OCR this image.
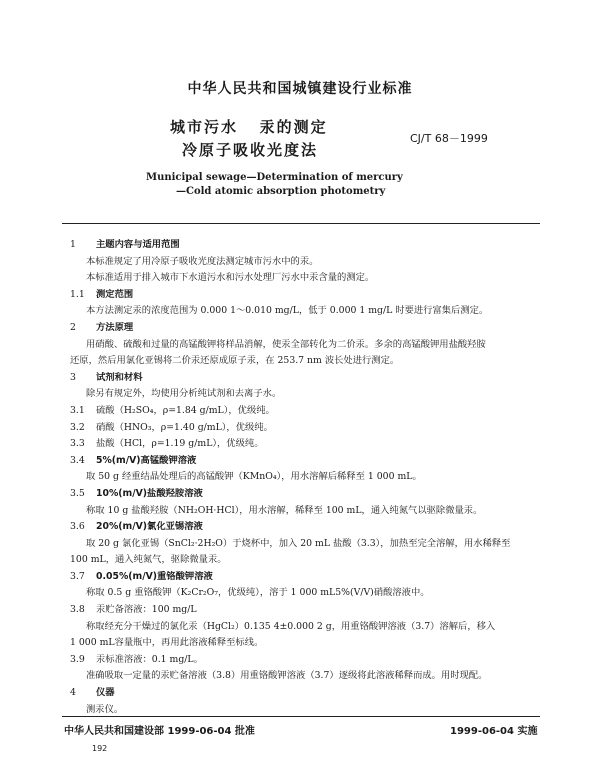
中华人民共和国城镇建设行业标准
城市污水   汞的测定
冷原子吸收光度法
CJ/T 68－1999
Municipal sewage—Determination of mercury
—Cold atomic absorption photometry
1 主题内容与适用范围
本标准规定了用冷原子吸收光度法测定城市污水中的汞。
本标准适用于排入城市下水道污水和污水处理厂污水中汞含量的测定。
1.1 测定范围
本方法测定汞的浓度范围为 0.000 1～0.010 mg/L，低于 0.000 1 mg/L 时要进行富集后测定。
2 方法原理
用硝酸、硫酸和过量的高锰酸钾将样品消解，使汞全部转化为二价汞。多余的高锰酸钾用盐酸羟胺
还原，然后用氯化亚锡将二价汞还原成原子汞，在 253.7 nm 波长处进行测定。
3 试剂和材料
除另有规定外，均使用分析纯试剂和去离子水。
3.1 硫酸（H₂SO₄，ρ=1.84 g/mL），优级纯。
3.2 硝酸（HNO₃，ρ=1.40 g/mL），优级纯。
3.3 盐酸（HCl，ρ=1.19 g/mL），优级纯。
3.4 5%(m/V)高锰酸钾溶液
取 50 g 经重结晶处理后的高锰酸钾（KMnO₄），用水溶解后稀释至 1 000 mL。
3.5 10%(m/V)盐酸羟胺溶液
称取 10 g 盐酸羟胺（NH₂OH·HCl），用水溶解，稀释至 100 mL，通入纯氮气以驱除微量汞。
3.6 20%(m/V)氯化亚锡溶液
取 20 g 氯化亚锡（SnCl₂·2H₂O）于烧杯中，加入 20 mL 盐酸（3.3），加热至完全溶解，用水稀释至
100 mL，通入纯氮气，驱除微量汞。
3.7 0.05%(m/V)重铬酸钾溶液
称取 0.5 g 重铬酸钾（K₂Cr₂O₇，优级纯），溶于 1 000 mL5%(V/V)硝酸溶液中。
3.8 汞贮备溶液：100 mg/L
称取经充分干燥过的氯化汞（HgCl₂）0.135 4±0.000 2 g，用重铬酸钾溶液（3.7）溶解后，移入
1 000 mL容量瓶中，再用此溶液稀释至标线。
3.9 汞标准溶液：0.1 mg/L。
准确吸取一定量的汞贮备溶液（3.8）用重铬酸钾溶液（3.7）逐级将此溶液稀释而成。用时现配。
4 仪器
测汞仪。
中华人民共和国建设部 1999-06-04 批准	1999-06-04 实施
192
